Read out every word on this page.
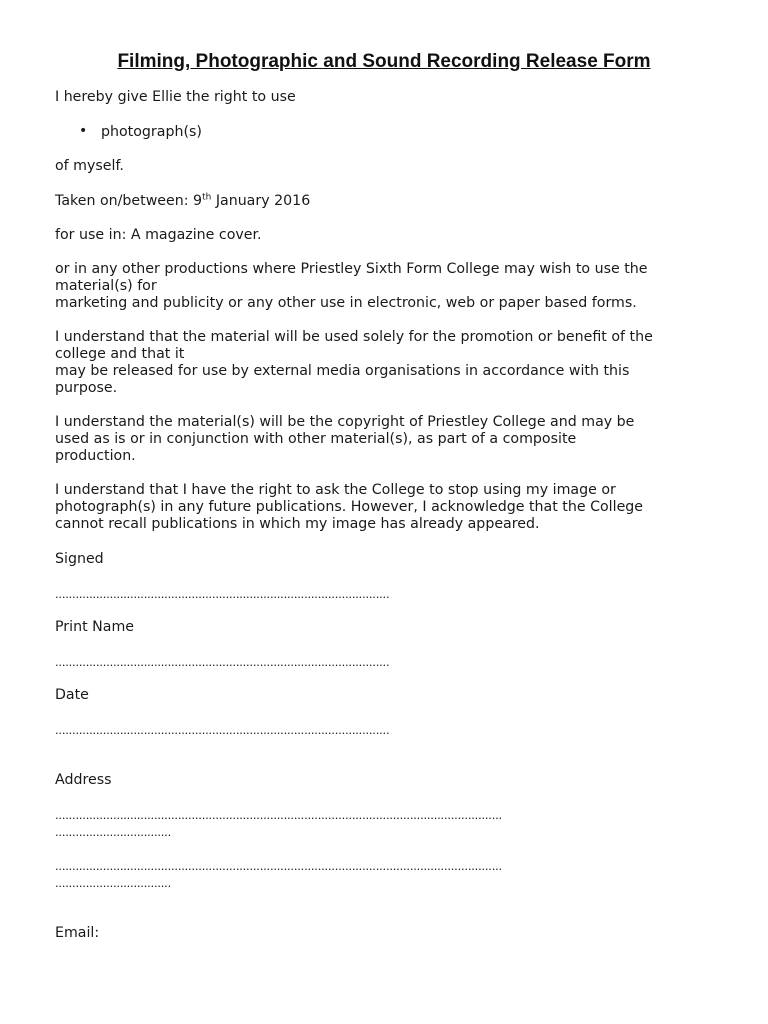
Filming, Photographic and Sound Recording Release Form
I hereby give Ellie the right to use
• photograph(s)
of myself.
Taken on/between: 9th January 2016
for use in: A magazine cover.
or in any other productions where Priestley Sixth Form College may wish to use the
material(s) for
marketing and publicity or any other use in electronic, web or paper based forms.
I understand that the material will be used solely for the promotion or benefit of the
college and that it
may be released for use by external media organisations in accordance with this
purpose.
I understand the material(s) will be the copyright of Priestley College and may be
used as is or in conjunction with other material(s), as part of a composite
production.
I understand that I have the right to ask the College to stop using my image or
photograph(s) in any future publications. However, I acknowledge that the College
cannot recall publications in which my image has already appeared.
Signed
..................................................................................................
Print Name
..................................................................................................
Date
..................................................................................................
Address
...................................................................................................................................
..................................
...................................................................................................................................
..................................
Email:
